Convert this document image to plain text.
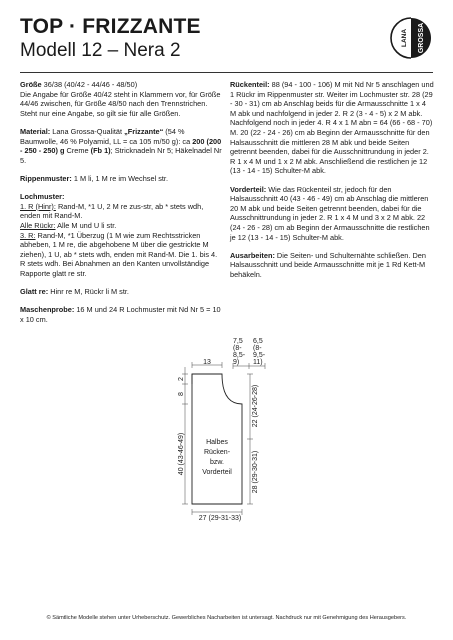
TOP · FRIZZANTE
Modell 12 – Nera 2
LANA GROSSA

Größe 36/38 (40/42 - 44/46 - 48/50)
Die Angabe für Größe 40/42 steht in Klammern vor, für Größe 44/46 zwischen, für Größe 48/50 nach den Trennstrichen. Steht nur eine Angabe, so gilt sie für alle Größen.

Material: Lana Grossa-Qualität „Frizzante“ (54 % Baumwolle, 46 % Polyamid, LL = ca 105 m/50 g): ca 200 (200 - 250 - 250) g Creme (Fb 1); Stricknadeln Nr 5; Häkelnadel Nr 5.

Rippenmuster: 1 M li, 1 M re im Wechsel str.

Lochmuster:
1. R (Hinr): Rand-M, *1 U, 2 M re zus-str, ab * stets wdh, enden mit Rand-M.
Alle Rückr: Alle M und U li str.
3. R: Rand-M, *1 Überzug (1 M wie zum Rechtsstricken abheben, 1 M re, die abgehobene M über die gestrickte M ziehen), 1 U, ab * stets wdh, enden mit Rand-M. Die 1. bis 4. R stets wdh. Bei Abnahmen an den Kanten unvollständige Rapporte glatt re str.

Glatt re: Hinr re M, Rückr li M str.

Maschenprobe: 16 M und 24 R Lochmuster mit Nd Nr 5 = 10 x 10 cm.

Rückenteil: 88 (94 - 100 - 106) M mit Nd Nr 5 anschlagen und 1 Rückr im Rippenmuster str. Weiter im Lochmuster str. 28 (29 - 30 - 31) cm ab Anschlag beids für die Armausschnitte 1 x 4 M abk und nachfolgend in jeder 2. R 2 (3 - 4 - 5) x 2 M abk. Nachfolgend noch in jeder 4. R 4 x 1 M abn = 64 (66 - 68 - 70) M. 20 (22 - 24 - 26) cm ab Beginn der Armausschnitte für den Halsausschnitt die mittleren 28 M abk und beide Seiten getrennt beenden, dabei für die Ausschnittrundung in jeder 2. R 1 x 4 M und 1 x 2 M abk. Anschließend die restlichen je 12 (13 - 14 - 15) Schulter-M abk.

Vorderteil: Wie das Rückenteil str, jedoch für den Halsausschnitt 40 (43 - 46 - 49) cm ab Anschlag die mittleren 20 M abk und beide Seiten getrennt beenden, dabei für die Ausschnittrundung in jeder 2. R 1 x 4 M und 3 x 2 M abk. 22 (24 - 26 - 28) cm ab Beginn der Armausschnitte die restlichen je 12 (13 - 14 - 15) Schulter-M abk.

Ausarbeiten: Die Seiten- und Schulternähte schließen. Den Halsausschnitt und beide Armausschnitte mit je 1 Rd Kett-M behäkeln.

13
7,5
(8-
8,5-
9)
6,5
(8-
9,5-
11)
2
8
40 (43-46-49)
22 (24-26-28)
28 (29-30-31)
Halbes
Rücken-
bzw.
Vorderteil
27 (29-31-33)
© Sämtliche Modelle stehen unter Urheberschutz. Gewerbliches Nacharbeiten ist untersagt. Nachdruck nur mit Genehmigung des Herausgebers.
